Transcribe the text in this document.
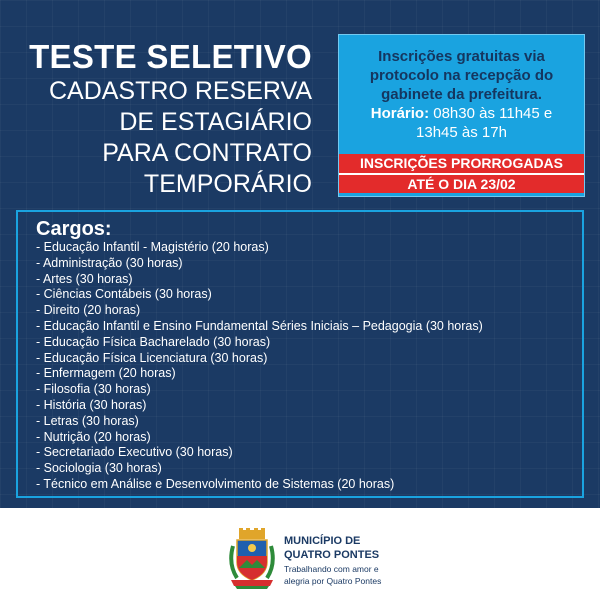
TESTE SELETIVO
CADASTRO RESERVA
DE ESTAGIÁRIO
PARA CONTRATO
TEMPORÁRIO
Inscrições gratuitas via
protocolo na recepção do
gabinete da prefeitura.
Horário: 08h30 às 11h45 e
13h45 às 17h
INSCRIÇÕES PRORROGADAS
ATÉ O DIA 23/02
Cargos:
- Educação Infantil - Magistério (20 horas)
- Administração (30 horas)
- Artes (30 horas)
- Ciências Contábeis (30 horas)
- Direito (20 horas)
- Educação Infantil e Ensino Fundamental Séries Iniciais – Pedagogia (30 horas)
- Educação Física Bacharelado (30 horas)
- Educação Física Licenciatura (30 horas)
- Enfermagem (20 horas)
- Filosofia (30 horas)
- História (30 horas)
- Letras (30 horas)
- Nutrição (20 horas)
- Secretariado Executivo (30 horas)
- Sociologia (30 horas)
- Técnico em Análise e Desenvolvimento de Sistemas (20 horas)
MUNICÍPIO DE
QUATRO PONTES
Trabalhando com amor e
alegria por Quatro Pontes
